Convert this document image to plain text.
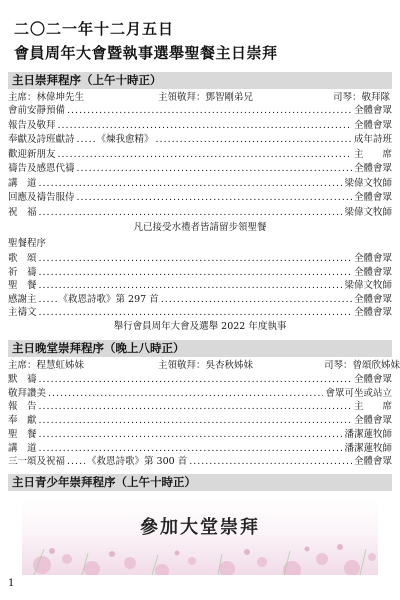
二〇二一年十二月五日
會員周年大會暨執事選舉聖餐主日崇拜
主日崇拜程序（上午十時正）
主席：林偉坤先生	主領敬拜：鄧智剛弟兄	司琴：敬拜隊
會前安靜預備 .....	全體會眾
報告及敬拜 .....	全體會眾
奉獻及詩班獻詩 ..... 《煉我愈精》 .....	成年詩班
歡迎新朋友 .....	主　　席
禱告及感恩代禱 .....	全體會眾
講　道 .....	梁偉文牧師
回應及禱告服侍 .....	全體會眾
祝　福 .....	梁偉文牧師
凡已接受水禮者皆請留步領聖餐
聖餐程序
歌　頌 .....	全體會眾
祈　禱 .....	全體會眾
聖　餐 .....	梁偉文牧師
感謝主 ..... 《救恩詩歌》第 297 首 .....	全體會眾
主禱文 .....	全體會眾
舉行會員周年大會及選舉 2022 年度執事
主日晚堂崇拜程序（晚上八時正）
主席：程慧虹姊妹	主領敬拜：吳杏秋姊妹	司琴：曾頌欣姊妹
默　禱 .....	全體會眾
敬拜讚美 .....	會眾可坐或站立
報　告 .....	主　　席
奉　獻 .....	全體會眾
聖　餐 .....	潘潔蓮牧師
講　道 .....	潘潔蓮牧師
三一頌及祝福 ..... 《救恩詩歌》第 300 首 .....	全體會眾
主日青少年崇拜程序（上午十時正）
參加大堂崇拜
1
